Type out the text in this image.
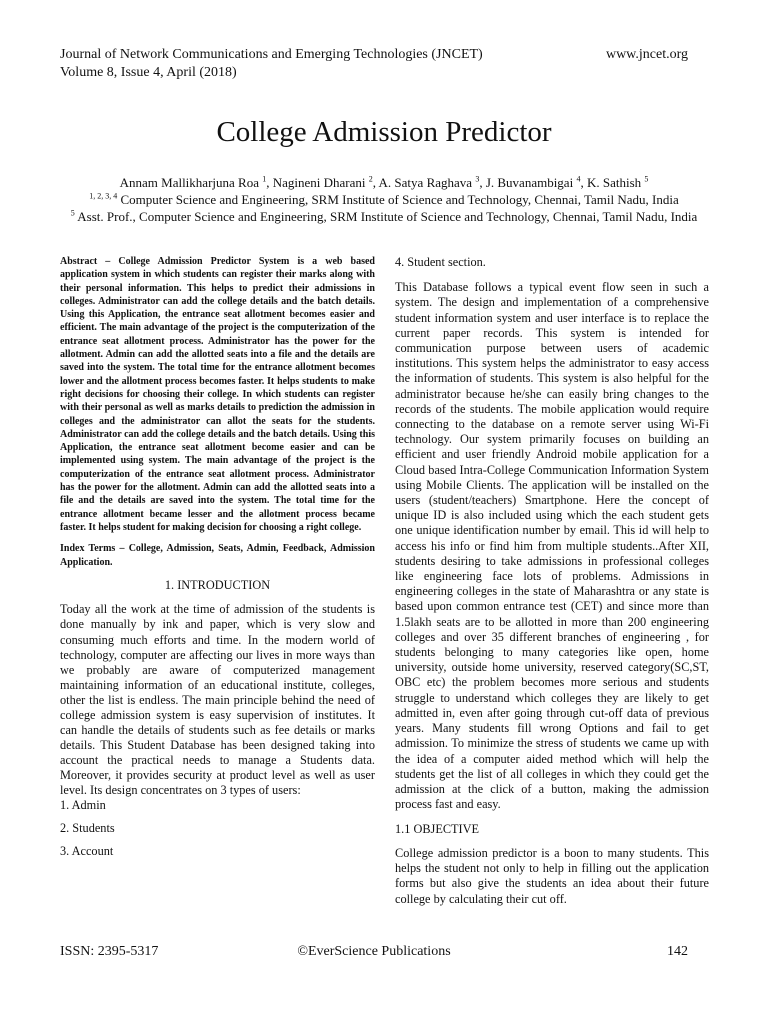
Journal of Network Communications and Emerging Technologies (JNCET)
Volume 8, Issue 4, April (2018)
www.jncet.org
College Admission Predictor
Annam Mallikharjuna Roa $^1$, Nagineni Dharani $^2$, A. Satya Raghava $^3$, J. Buvanambigai $^4$, K. Sathish $^5$
$^{1, 2, 3, 4}$ Computer Science and Engineering, SRM Institute of Science and Technology, Chennai, Tamil Nadu, India
$^5$ Asst. Prof., Computer Science and Engineering, SRM Institute of Science and Technology, Chennai, Tamil Nadu, India

Abstract – College Admission Predictor System is a web based application system in which students can register their marks along with their personal information. This helps to predict their admissions in colleges. Administrator can add the college details and the batch details. Using this Application, the entrance seat allotment becomes easier and efficient. The main advantage of the project is the computerization of the entrance seat allotment process. Administrator has the power for the allotment. Admin can add the allotted seats into a file and the details are saved into the system. The total time for the entrance allotment becomes lower and the allotment process becomes faster. It helps students to make right decisions for choosing their college. In which students can register with their personal as well as marks details to prediction the admission in colleges and the administrator can allot the seats for the students. Administrator can add the college details and the batch details. Using this Application, the entrance seat allotment become easier and can be implemented using system. The main advantage of the project is the computerization of the entrance seat allotment process. Administrator has the power for the allotment. Admin can add the allotted seats into a file and the details are saved into the system. The total time for the entrance allotment became lesser and the allotment process became faster. It helps student for making decision for choosing a right college.

Index Terms – College, Admission, Seats, Admin, Feedback, Admission Application.

1. INTRODUCTION

Today all the work at the time of admission of the students is done manually by ink and paper, which is very slow and consuming much efforts and time. In the modern world of technology, computer are affecting our lives in more ways than we probably are aware of computerized management maintaining information of an educational institute, colleges, other the list is endless. The main principle behind the need of college admission system is easy supervision of institutes. It can handle the details of students such as fee details or marks details. This Student Database has been designed taking into account the practical needs to manage a Students data. Moreover, it provides security at product level as well as user level. Its design concentrates on 3 types of users:

1. Admin

2. Students

3. Account

4. Student section.

This Database follows a typical event flow seen in such a system. The design and implementation of a comprehensive student information system and user interface is to replace the current paper records. This system is intended for communication purpose between users of academic institutions. This system helps the administrator to easy access the information of students. This system is also helpful for the administrator because he/she can easily bring changes to the records of the students. The mobile application would require connecting to the database on a remote server using Wi-Fi technology. Our system primarily focuses on building an efficient and user friendly Android mobile application for a Cloud based Intra-College Communication Information System using Mobile Clients. The application will be installed on the users (student/teachers) Smartphone. Here the concept of unique ID is also included using which the each student gets one unique identification number by email. This id will help to access his info or find him from multiple students..After XII, students desiring to take admissions in professional colleges like engineering face lots of problems. Admissions in engineering colleges in the state of Maharashtra or any state is based upon common entrance test (CET) and since more than 1.5lakh seats are to be allotted in more than 200 engineering colleges and over 35 different branches of engineering , for students belonging to many categories like open, home university, outside home university, reserved category(SC,ST, OBC etc) the problem becomes more serious and students struggle to understand which colleges they are likely to get admitted in, even after going through cut-off data of previous years. Many students fill wrong Options and fail to get admission. To minimize the stress of students we came up with the idea of a computer aided method which will help the students get the list of all colleges in which they could get the admission at the click of a button, making the admission process fast and easy.

1.1 OBJECTIVE

College admission predictor is a boon to many students. This helps the student not only to help in filling out the application forms but also give the students an idea about their future college by calculating their cut off.

ISSN: 2395-5317	©EverScience Publications	142
